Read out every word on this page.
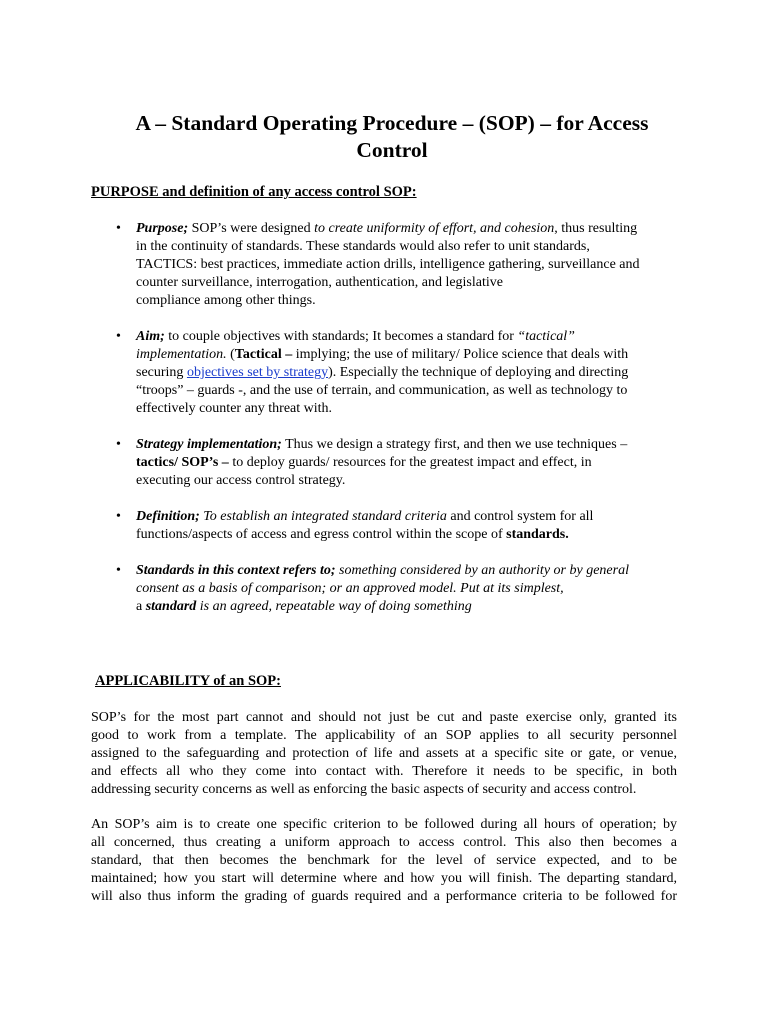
A – Standard Operating Procedure – (SOP) – for Access
Control
PURPOSE and definition of any access control SOP:
• Purpose; SOP’s were designed to create uniformity of effort, and cohesion, thus resulting
in the continuity of standards. These standards would also refer to unit standards,
TACTICS: best practices, immediate action drills, intelligence gathering, surveillance and
counter surveillance, interrogation, authentication, and legislative
compliance among other things.
• Aim; to couple objectives with standards; It becomes a standard for “tactical”
implementation. (Tactical – implying; the use of military/ Police science that deals with
securing objectives set by strategy). Especially the technique of deploying and directing
“troops” – guards -, and the use of terrain, and communication, as well as technology to
effectively counter any threat with.
• Strategy implementation; Thus we design a strategy first, and then we use techniques –
tactics/ SOP’s – to deploy guards/ resources for the greatest impact and effect, in
executing our access control strategy.
• Definition; To establish an integrated standard criteria and control system for all
functions/aspects of access and egress control within the scope of standards.
• Standards in this context refers to; something considered by an authority or by general
consent as a basis of comparison; or an approved model. Put at its simplest,
a standard is an agreed, repeatable way of doing something
APPLICABILITY of an SOP:
SOP’s for the most part cannot and should not just be cut and paste exercise only, granted its
good to work from a template. The applicability of an SOP applies to all security personnel
assigned to the safeguarding and protection of life and assets at a specific site or gate, or venue,
and effects all who they come into contact with. Therefore it needs to be specific, in both
addressing security concerns as well as enforcing the basic aspects of security and access control.
An SOP’s aim is to create one specific criterion to be followed during all hours of operation; by
all concerned, thus creating a uniform approach to access control. This also then becomes a
standard, that then becomes the benchmark for the level of service expected, and to be
maintained; how you start will determine where and how you will finish. The departing standard,
will also thus inform the grading of guards required and a performance criteria to be followed for
